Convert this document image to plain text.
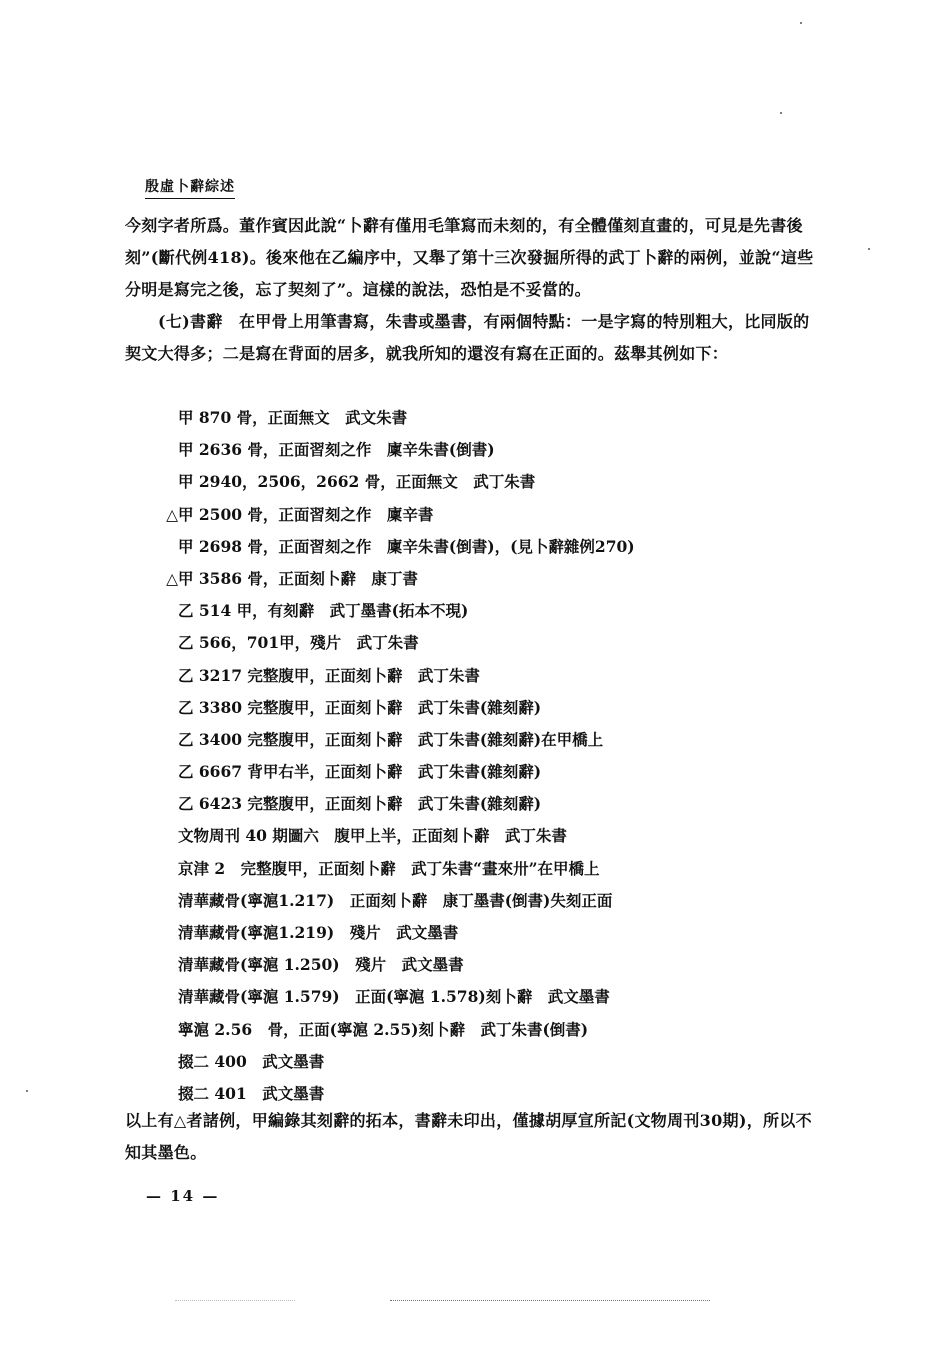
殷虛卜辭綜述
今刻字者所爲。董作賓因此說“卜辭有僅用毛筆寫而未刻的，有全體僅刻直畫的，可見是先書後刻”(斷代例418)。後來他在乙編序中，又舉了第十三次發掘所得的武丁卜辭的兩例，並說“這些分明是寫完之後，忘了契刻了”。這樣的說法，恐怕是不妥當的。
(七)書辭　在甲骨上用筆書寫，朱書或墨書，有兩個特點：一是字寫的特別粗大，比同版的契文大得多；二是寫在背面的居多，就我所知的還沒有寫在正面的。茲舉其例如下：
甲 870 骨，正面無文　武文朱書
甲 2636 骨，正面習刻之作　廩辛朱書(倒書)
甲 2940，2506，2662 骨，正面無文　武丁朱書
△甲 2500 骨，正面習刻之作　廩辛書
甲 2698 骨，正面習刻之作　廩辛朱書(倒書)，(見卜辭雜例270)
△甲 3586 骨，正面刻卜辭　康丁書
乙 514 甲，有刻辭　武丁墨書(拓本不現)
乙 566，701甲，殘片　武丁朱書
乙 3217 完整腹甲，正面刻卜辭　武丁朱書
乙 3380 完整腹甲，正面刻卜辭　武丁朱書(雜刻辭)
乙 3400 完整腹甲，正面刻卜辭　武丁朱書(雜刻辭)在甲橋上
乙 6667 背甲右半，正面刻卜辭　武丁朱書(雜刻辭)
乙 6423 完整腹甲，正面刻卜辭　武丁朱書(雜刻辭)
文物周刊 40 期圖六　腹甲上半，正面刻卜辭　武丁朱書
京津 2　完整腹甲，正面刻卜辭　武丁朱書“畫來卅”在甲橋上
清華藏骨(寧滬1.217)　正面刻卜辭　康丁墨書(倒書)失刻正面
清華藏骨(寧滬1.219)　殘片　武文墨書
清華藏骨(寧滬 1.250)　殘片　武文墨書
清華藏骨(寧滬 1.579)　正面(寧滬 1.578)刻卜辭　武文墨書
寧滬 2.56　骨，正面(寧滬 2.55)刻卜辭　武丁朱書(倒書)
掇二 400　武文墨書
掇二 401　武文墨書
以上有△者諸例，甲編錄其刻辭的拓本，書辭未印出，僅據胡厚宣所記(文物周刊30期)，所以不知其墨色。
— 14 —
